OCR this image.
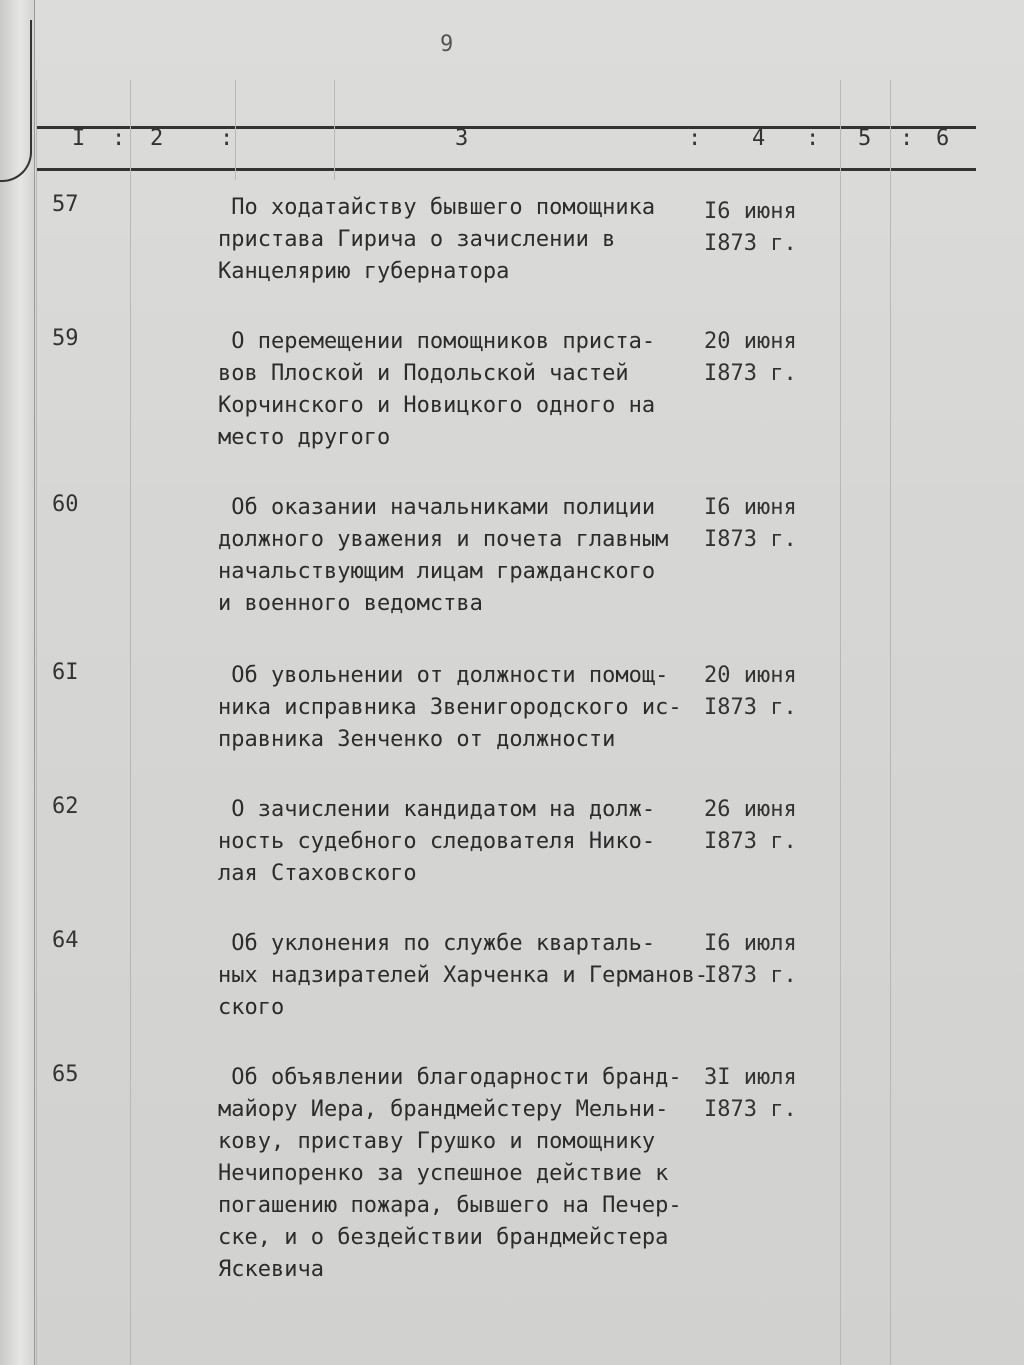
9
I : 2	:	3	: 4 : 5 : 6
57	По ходатайству бывшего помощника
пристава Гирича о зачислении в
Канцелярию губернатора
I6 июня
I873 г.
59	О перемещении помощников приста-
вов Плоской и Подольской частей
Корчинского и Новицкого одного на
место другого
20 июня
I873 г.
60	Об оказании начальниками полиции
должного уважения и почета главным
начальствующим лицам гражданского
и военного ведомства
I6 июня
I873 г.
6I	Об увольнении от должности помощ-
ника исправника Звенигородского ис-
правника Зенченко от должности
20 июня
I873 г.
62	О зачислении кандидатом на долж-
ность судебного следователя Нико-
лая Стаховского
26 июня
I873 г.
64	Об уклонения по службе кварталь-
ных надзирателей Харченка и Германов-
ского
I6 июля
I873 г.
65	Об объявлении благодарности бранд-
майору Иера, брандмейстеру Мельни-
кову, приставу Грушко и помощнику
Нечипоренко за успешное действие к
погашению пожара, бывшего на Печер-
ске, и о бездействии брандмейстера
Яскевича
3I июля
I873 г.
